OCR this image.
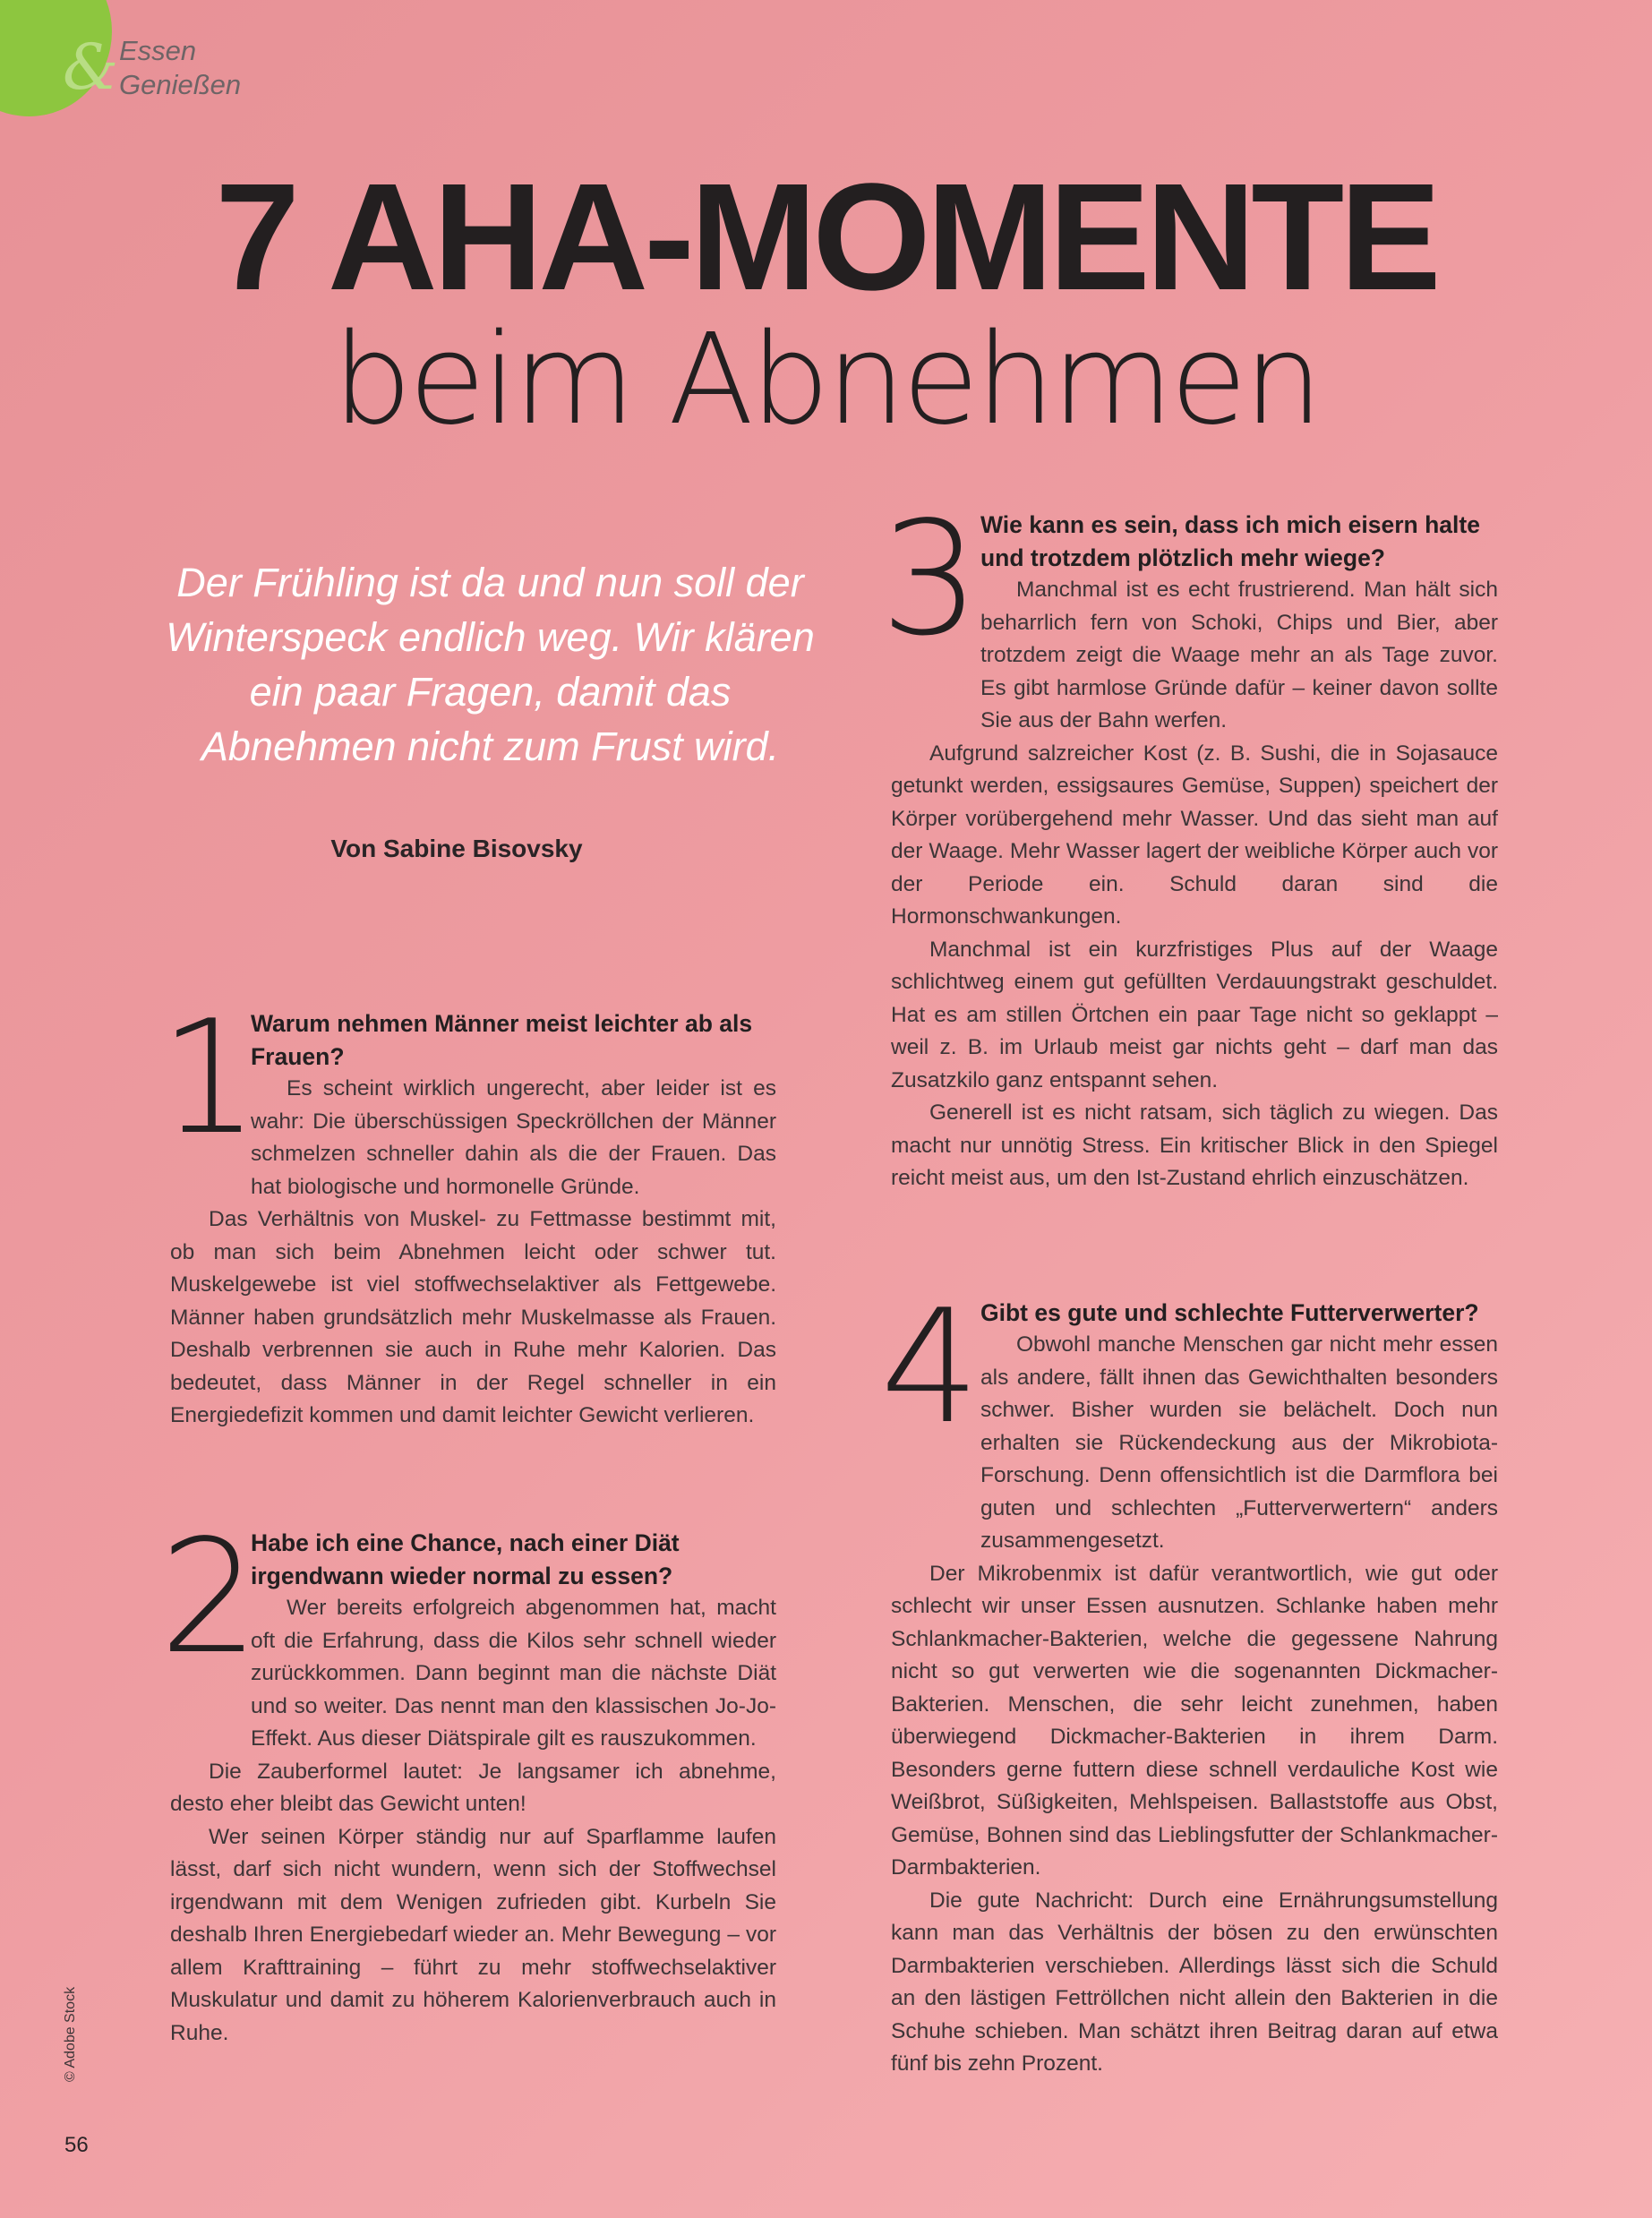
& Essen
Genießen
7 AHA-MOMENTE
beim Abnehmen
Der Frühling ist da und nun soll der Winterspeck endlich weg. Wir klären ein paar Fragen, damit das Abnehmen nicht zum Frust wird.
Von Sabine Bisovsky
1
Warum nehmen Männer meist leichter ab als Frauen?

Es scheint wirklich ungerecht, aber leider ist es wahr: Die überschüssigen Speckröllchen der Männer schmelzen schneller dahin als die der Frauen. Das hat biologische und hormonelle Gründe.

Das Verhältnis von Muskel- zu Fettmasse bestimmt mit, ob man sich beim Abnehmen leicht oder schwer tut. Muskelgewebe ist viel stoffwechselaktiver als Fettgewebe. Männer haben grundsätzlich mehr Muskelmasse als Frauen. Deshalb verbrennen sie auch in Ruhe mehr Kalorien. Das bedeutet, dass Männer in der Regel schneller in ein Energiedefizit kommen und damit leichter Gewicht verlieren.

2
Habe ich eine Chance, nach einer Diät irgendwann wieder normal zu essen?

Wer bereits erfolgreich abgenommen hat, macht oft die Erfahrung, dass die Kilos sehr schnell wieder zurückkommen. Dann beginnt man die nächste Diät und so weiter. Das nennt man den klassischen Jo-Jo-Effekt. Aus dieser Diätspirale gilt es rauszukommen.

Die Zauberformel lautet: Je langsamer ich abnehme, desto eher bleibt das Gewicht unten!

Wer seinen Körper ständig nur auf Sparflamme laufen lässt, darf sich nicht wundern, wenn sich der Stoffwechsel irgendwann mit dem Wenigen zufrieden gibt. Kurbeln Sie deshalb Ihren Energiebedarf wieder an. Mehr Bewegung – vor allem Krafttraining – führt zu mehr stoffwechselaktiver Muskulatur und damit zu höherem Kalorienverbrauch auch in Ruhe.

3 Wie kann es sein, dass ich mich eisern halte und trotzdem plötzlich mehr wiege?

Manchmal ist es echt frustrierend. Man hält sich beharrlich fern von Schoki, Chips und Bier, aber trotzdem zeigt die Waage mehr an als Tage zuvor. Es gibt harmlose Gründe dafür – keiner davon sollte Sie aus der Bahn werfen.

Aufgrund salzreicher Kost (z. B. Sushi, die in Sojasauce getunkt werden, essigsaures Gemüse, Suppen) speichert der Körper vorübergehend mehr Wasser. Und das sieht man auf der Waage. Mehr Wasser lagert der weibliche Körper auch vor der Periode ein. Schuld daran sind die Hormonschwankungen.

Manchmal ist ein kurzfristiges Plus auf der Waage schlichtweg einem gut gefüllten Verdauungstrakt geschuldet. Hat es am stillen Örtchen ein paar Tage nicht so geklappt – weil z. B. im Urlaub meist gar nichts geht – darf man das Zusatzkilo ganz entspannt sehen.

Generell ist es nicht ratsam, sich täglich zu wiegen. Das macht nur unnötig Stress. Ein kritischer Blick in den Spiegel reicht meist aus, um den Ist-Zustand ehrlich einzuschätzen.

4 Gibt es gute und schlechte Futterverwerter?

Obwohl manche Menschen gar nicht mehr essen als andere, fällt ihnen das Gewichthalten besonders schwer. Bisher wurden sie belächelt. Doch nun erhalten sie Rückendeckung aus der Mikrobiota-Forschung. Denn offensichtlich ist die Darmflora bei guten und schlechten „Futterverwertern“ anders zusammengesetzt.

Der Mikrobenmix ist dafür verantwortlich, wie gut oder schlecht wir unser Essen ausnutzen. Schlanke haben mehr Schlankmacher-Bakterien, welche die gegessene Nahrung nicht so gut verwerten wie die sogenannten Dickmacher-Bakterien. Menschen, die sehr leicht zunehmen, haben überwiegend Dickmacher-Bakterien in ihrem Darm. Besonders gerne futtern diese schnell verdauliche Kost wie Weißbrot, Süßigkeiten, Mehlspeisen. Ballaststoffe aus Obst, Gemüse, Bohnen sind das Lieblingsfutter der Schlankmacher-Darmbakterien.

Die gute Nachricht: Durch eine Ernährungsumstellung kann man das Verhältnis der bösen zu den erwünschten Darmbakterien verschieben. Allerdings lässt sich die Schuld an den lästigen Fettröllchen nicht allein den Bakterien in die Schuhe schieben. Man schätzt ihren Beitrag daran auf etwa fünf bis zehn Prozent.

© Adobe Stock
56
